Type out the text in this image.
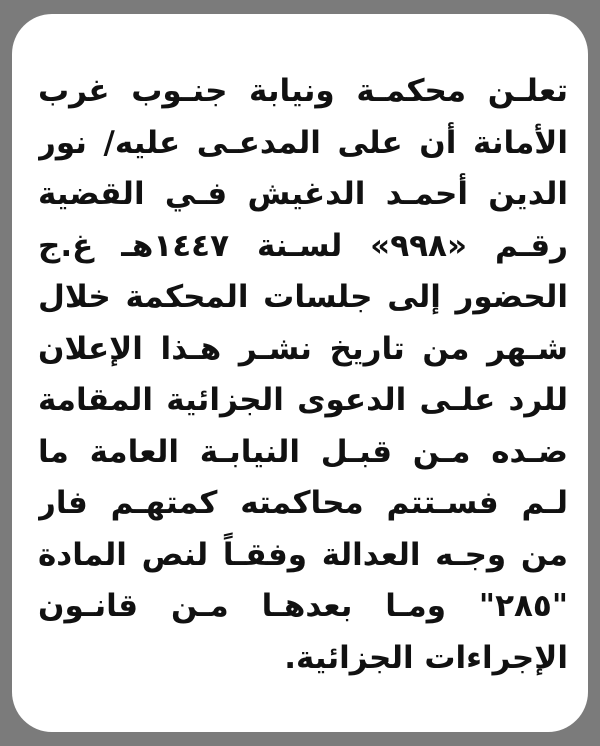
تعلـن محكمـة ونيابة جنـوب غرب
الأمانة أن على المدعـى عليه/ نور
الدين أحمـد الدغيش فـي القضية
رقـم «٩٩٨» لسـنة ١٤٤٧هـ غ.ج
الحضور إلى جلسات المحكمة خلال
شـهر من تاريخ نشـر هـذا الإعلان
للرد علـى الدعوى الجزائية المقامة
ضـده مـن قبـل النيابـة العامة ما
لـم فسـتتم محاكمته كمتهـم فار
من وجـه العدالة وفقـاً لنص المادة
"٢٨٥" ومـا بعدهـا مـن قانـون
الإجراءات الجزائية.
